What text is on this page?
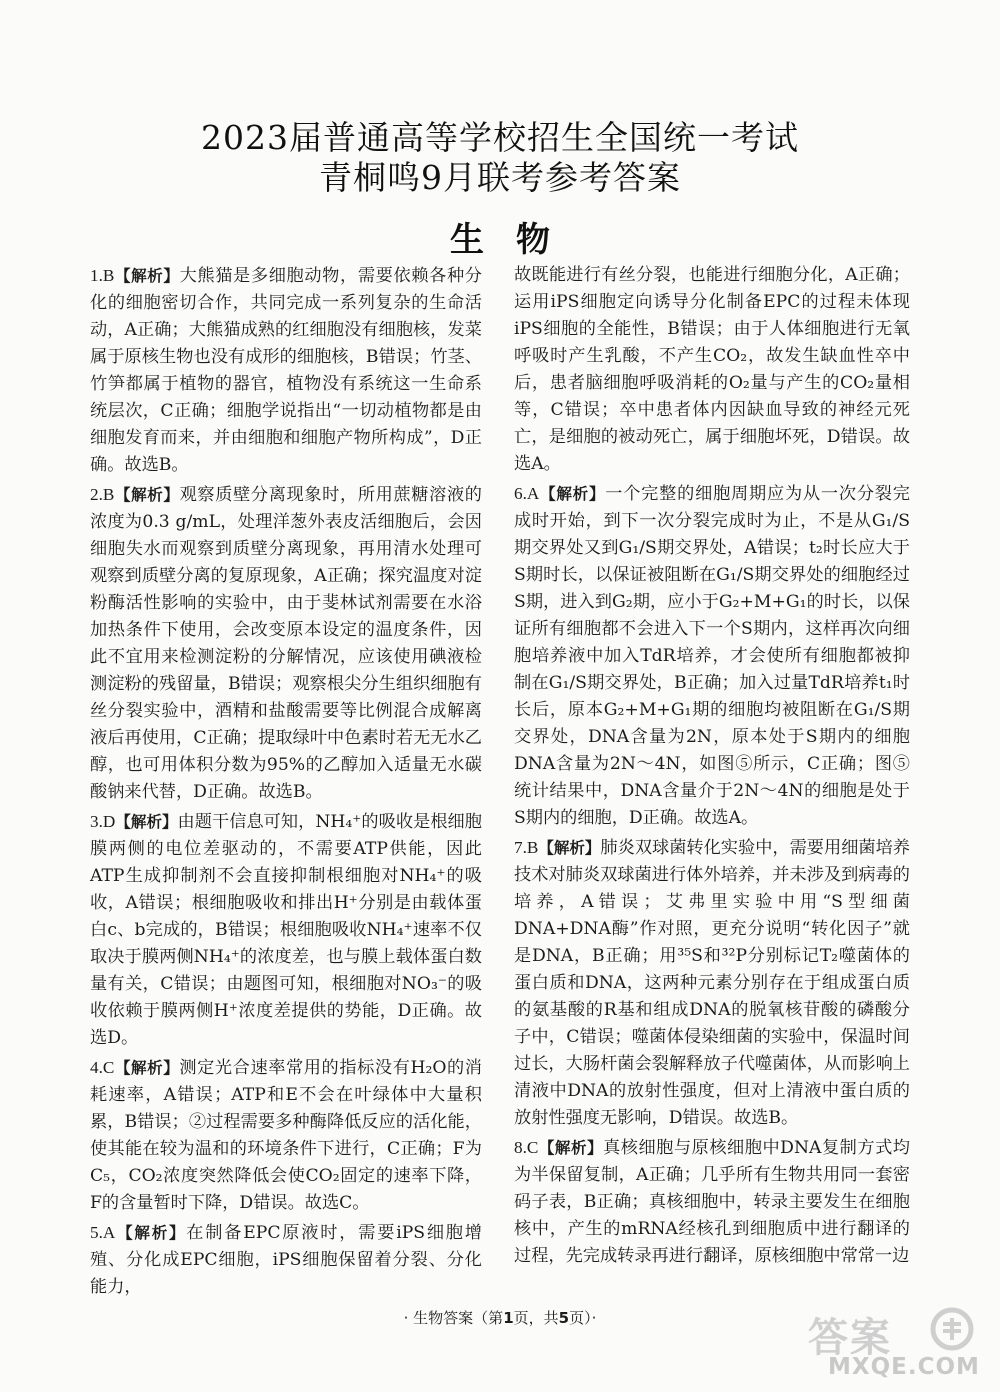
2023届普通高等学校招生全国统一考试
青桐鸣9月联考参考答案
生物

1.B【解析】大熊猫是多细胞动物，需要依赖各种分化的细胞密切合作，共同完成一系列复杂的生命活动，A正确；大熊猫成熟的红细胞没有细胞核，发菜属于原核生物也没有成形的细胞核，B错误；竹茎、竹笋都属于植物的器官，植物没有系统这一生命系统层次，C正确；细胞学说指出“一切动植物都是由细胞发育而来，并由细胞和细胞产物所构成”，D正确。故选B。

2.B【解析】观察质壁分离现象时，所用蔗糖溶液的浓度为0.3 g/mL，处理洋葱外表皮活细胞后，会因细胞失水而观察到质壁分离现象，再用清水处理可观察到质壁分离的复原现象，A正确；探究温度对淀粉酶活性影响的实验中，由于斐林试剂需要在水浴加热条件下使用，会改变原本设定的温度条件，因此不宜用来检测淀粉的分解情况，应该使用碘液检测淀粉的残留量，B错误；观察根尖分生组织细胞有丝分裂实验中，酒精和盐酸需要等比例混合成解离液后再使用，C正确；提取绿叶中色素时若无无水乙醇，也可用体积分数为95%的乙醇加入适量无水碳酸钠来代替，D正确。故选B。

3.D【解析】由题干信息可知，NH₄⁺的吸收是根细胞膜两侧的电位差驱动的，不需要ATP供能，因此ATP生成抑制剂不会直接抑制根细胞对NH₄⁺的吸收，A错误；根细胞吸收和排出H⁺分别是由载体蛋白c、b完成的，B错误；根细胞吸收NH₄⁺速率不仅取决于膜两侧NH₄⁺的浓度差，也与膜上载体蛋白数量有关，C错误；由题图可知，根细胞对NO₃⁻的吸收依赖于膜两侧H⁺浓度差提供的势能，D正确。故选D。

4.C【解析】测定光合速率常用的指标没有H₂O的消耗速率，A错误；ATP和E不会在叶绿体中大量积累，B错误；②过程需要多种酶降低反应的活化能，使其能在较为温和的环境条件下进行，C正确；F为C₅，CO₂浓度突然降低会使CO₂固定的速率下降，F的含量暂时下降，D错误。故选C。

5.A【解析】在制备EPC原液时，需要iPS细胞增殖、分化成EPC细胞，iPS细胞保留着分裂、分化能力，

故既能进行有丝分裂，也能进行细胞分化，A正确；运用iPS细胞定向诱导分化制备EPC的过程未体现iPS细胞的全能性，B错误；由于人体细胞进行无氧呼吸时产生乳酸，不产生CO₂，故发生缺血性卒中后，患者脑细胞呼吸消耗的O₂量与产生的CO₂量相等，C错误；卒中患者体内因缺血导致的神经元死亡，是细胞的被动死亡，属于细胞坏死，D错误。故选A。

6.A【解析】一个完整的细胞周期应为从一次分裂完成时开始，到下一次分裂完成时为止，不是从G₁/S期交界处又到G₁/S期交界处，A错误；t₂时长应大于S期时长，以保证被阻断在G₁/S期交界处的细胞经过S期，进入到G₂期，应小于G₂+M+G₁的时长，以保证所有细胞都不会进入下一个S期内，这样再次向细胞培养液中加入TdR培养，才会使所有细胞都被抑制在G₁/S期交界处，B正确；加入过量TdR培养t₁时长后，原本G₂+M+G₁期的细胞均被阻断在G₁/S期交界处，DNA含量为2N，原本处于S期内的细胞DNA含量为2N～4N，如图⑤所示，C正确；图⑤统计结果中，DNA含量介于2N～4N的细胞是处于S期内的细胞，D正确。故选A。

7.B【解析】肺炎双球菌转化实验中，需要用细菌培养技术对肺炎双球菌进行体外培养，并未涉及到病毒的培养，A错误；艾弗里实验中用“S型细菌DNA+DNA酶”作对照，更充分说明“转化因子”就是DNA，B正确；用³⁵S和³²P分别标记T₂噬菌体的蛋白质和DNA，这两种元素分别存在于组成蛋白质的氨基酸的R基和组成DNA的脱氧核苷酸的磷酸分子中，C错误；噬菌体侵染细菌的实验中，保温时间过长，大肠杆菌会裂解释放子代噬菌体，从而影响上清液中DNA的放射性强度，但对上清液中蛋白质的放射性强度无影响，D错误。故选B。

8.C【解析】真核细胞与原核细胞中DNA复制方式均为半保留复制，A正确；几乎所有生物共用同一套密码子表，B正确；真核细胞中，转录主要发生在细胞核中，产生的mRNA经核孔到细胞质中进行翻译的过程，先完成转录再进行翻译，原核细胞中常常一边

· 生物答案（第1页，共5页）·	答案
MXQE.COM
